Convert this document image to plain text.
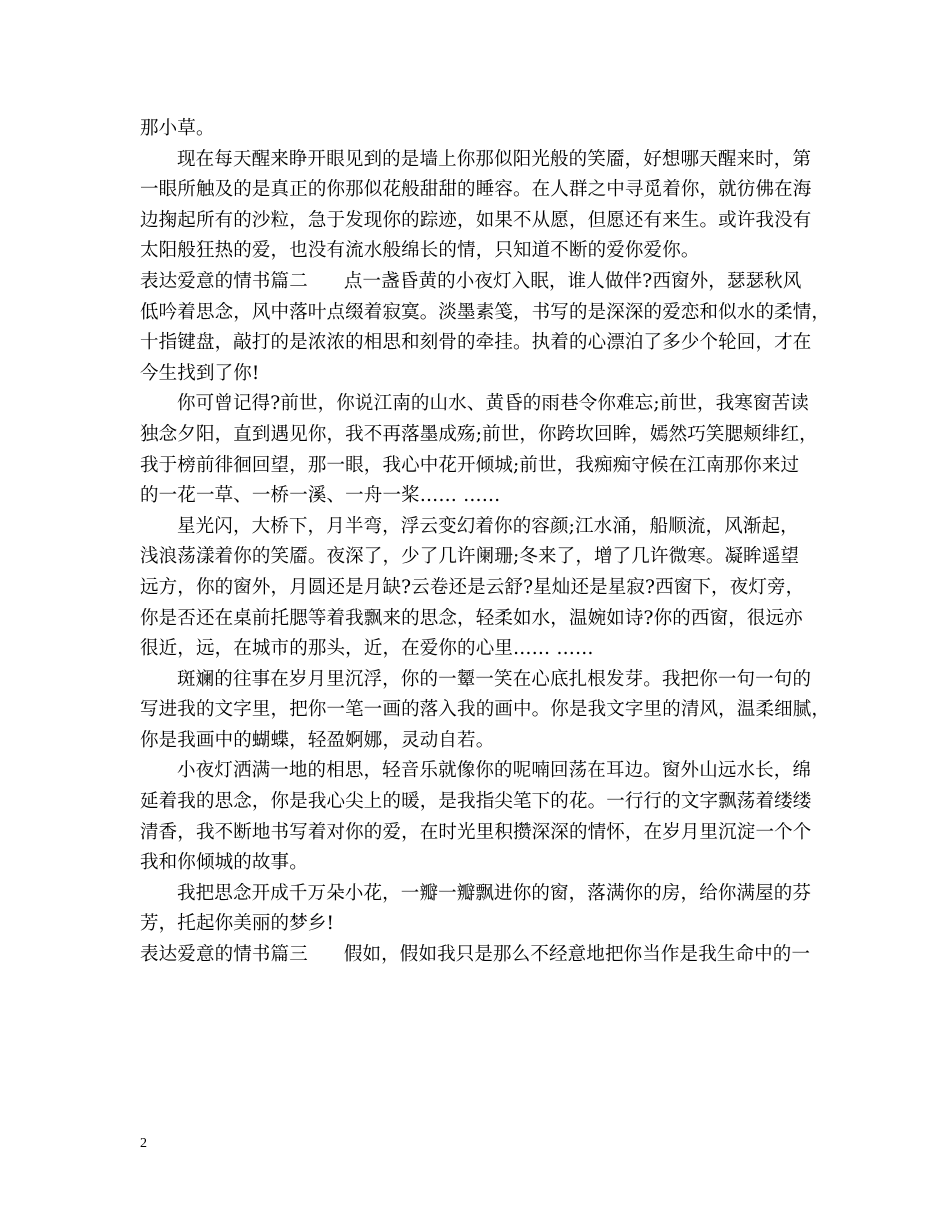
那小草。
现在每天醒来睁开眼见到的是墙上你那似阳光般的笑靥，好想哪天醒来时，第
一眼所触及的是真正的你那似花般甜甜的睡容。在人群之中寻觅着你，就彷佛在海
边掬起所有的沙粒，急于发现你的踪迹，如果不从愿，但愿还有来生。或许我没有
太阳般狂热的爱，也没有流水般绵长的情，只知道不断的爱你爱你。
表达爱意的情书篇二 点一盏昏黄的小夜灯入眠，谁人做伴?西窗外，瑟瑟秋风
低吟着思念，风中落叶点缀着寂寞。淡墨素笺，书写的是深深的爱恋和似水的柔情，
十指键盘，敲打的是浓浓的相思和刻骨的牵挂。执着的心漂泊了多少个轮回，才在
今生找到了你!
你可曾记得?前世，你说江南的山水、黄昏的雨巷令你难忘;前世，我寒窗苦读
独念夕阳，直到遇见你，我不再落墨成殇;前世，你跨坎回眸，嫣然巧笑腮颊绯红，
我于榜前徘徊回望，那一眼，我心中花开倾城;前世，我痴痴守候在江南那你来过
的一花一草、一桥一溪、一舟一桨…… ……
星光闪，大桥下，月半弯，浮云变幻着你的容颜;江水涌，船顺流，风渐起，
浅浪荡漾着你的笑靥。夜深了，少了几许阑珊;冬来了，增了几许微寒。凝眸遥望
远方，你的窗外，月圆还是月缺?云卷还是云舒?星灿还是星寂?西窗下，夜灯旁，
你是否还在桌前托腮等着我飘来的思念，轻柔如水，温婉如诗?你的西窗，很远亦
很近，远，在城市的那头，近，在爱你的心里…… ……
斑斓的往事在岁月里沉浮，你的一颦一笑在心底扎根发芽。我把你一句一句的
写进我的文字里，把你一笔一画的落入我的画中。你是我文字里的清风，温柔细腻，
你是我画中的蝴蝶，轻盈婀娜，灵动自若。
小夜灯洒满一地的相思，轻音乐就像你的呢喃回荡在耳边。窗外山远水长，绵
延着我的思念，你是我心尖上的暖，是我指尖笔下的花。一行行的文字飘荡着缕缕
清香，我不断地书写着对你的爱，在时光里积攒深深的情怀，在岁月里沉淀一个个
我和你倾城的故事。
我把思念开成千万朵小花，一瓣一瓣飘进你的窗，落满你的房，给你满屋的芬
芳，托起你美丽的梦乡!
表达爱意的情书篇三 假如，假如我只是那么不经意地把你当作是我生命中的一
2
